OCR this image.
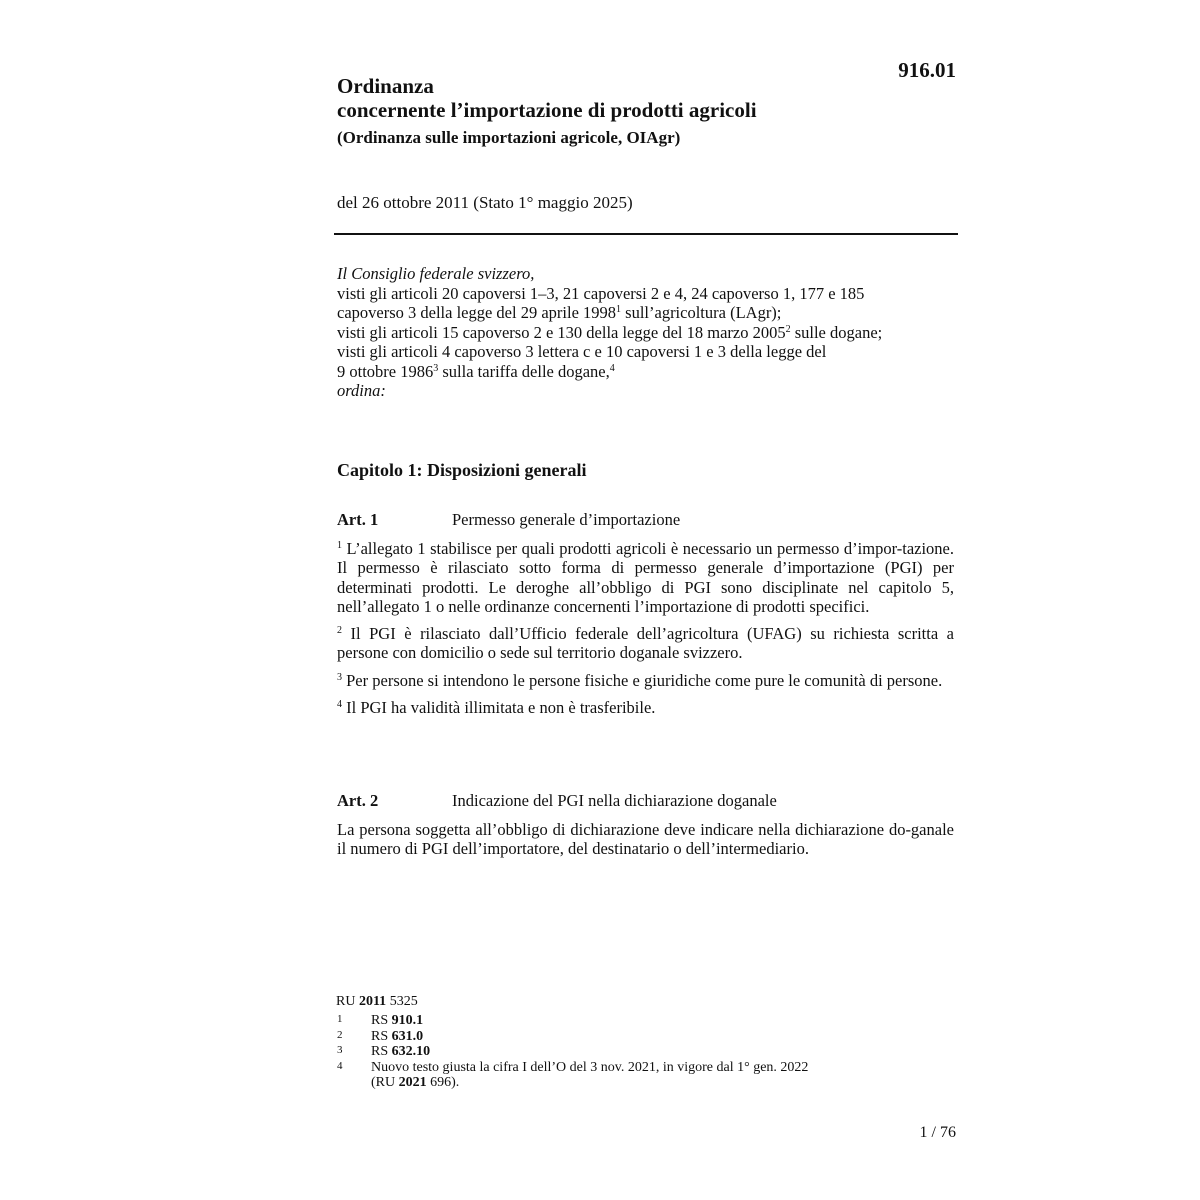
916.01
Ordinanza
concernente l’importazione di prodotti agricoli
(Ordinanza sulle importazioni agricole, OIAgr)
del 26 ottobre 2011 (Stato 1° maggio 2025)
Il Consiglio federale svizzero,
visti gli articoli 20 capoversi 1–3, 21 capoversi 2 e 4, 24 capoverso 1, 177 e 185
capoverso 3 della legge del 29 aprile 1998$^1$ sull’agricoltura (LAgr);
visti gli articoli 15 capoverso 2 e 130 della legge del 18 marzo 2005$^2$ sulle dogane;
visti gli articoli 4 capoverso 3 lettera c e 10 capoversi 1 e 3 della legge del
9 ottobre 1986$^3$ sulla tariffa delle dogane,$^4$
ordina:
Capitolo 1: Disposizioni generali
Art. 1	Permesso generale d’importazione

$^1$ L’allegato 1 stabilisce per quali prodotti agricoli è necessario un permesso d’impor-tazione. Il permesso è rilasciato sotto forma di permesso generale d’importazione (PGI) per determinati prodotti. Le deroghe all’obbligo di PGI sono disciplinate nel capitolo 5, nell’allegato 1 o nelle ordinanze concernenti l’importazione di prodotti specifici.

$^2$ Il PGI è rilasciato dall’Ufficio federale dell’agricoltura (UFAG) su richiesta scritta a persone con domicilio o sede sul territorio doganale svizzero.

$^3$ Per persone si intendono le persone fisiche e giuridiche come pure le comunità di persone.

$^4$ Il PGI ha validità illimitata e non è trasferibile.

Art. 2	Indicazione del PGI nella dichiarazione doganale

La persona soggetta all’obbligo di dichiarazione deve indicare nella dichiarazione do-ganale il numero di PGI dell’importatore, del destinatario o dell’intermediario.

RU 2011 5325
1	RS 910.1
2	RS 631.0
3	RS 632.10
4	Nuovo testo giusta la cifra I dell’O del 3 nov. 2021, in vigore dal 1° gen. 2022
(RU 2021 696).
1 / 76
